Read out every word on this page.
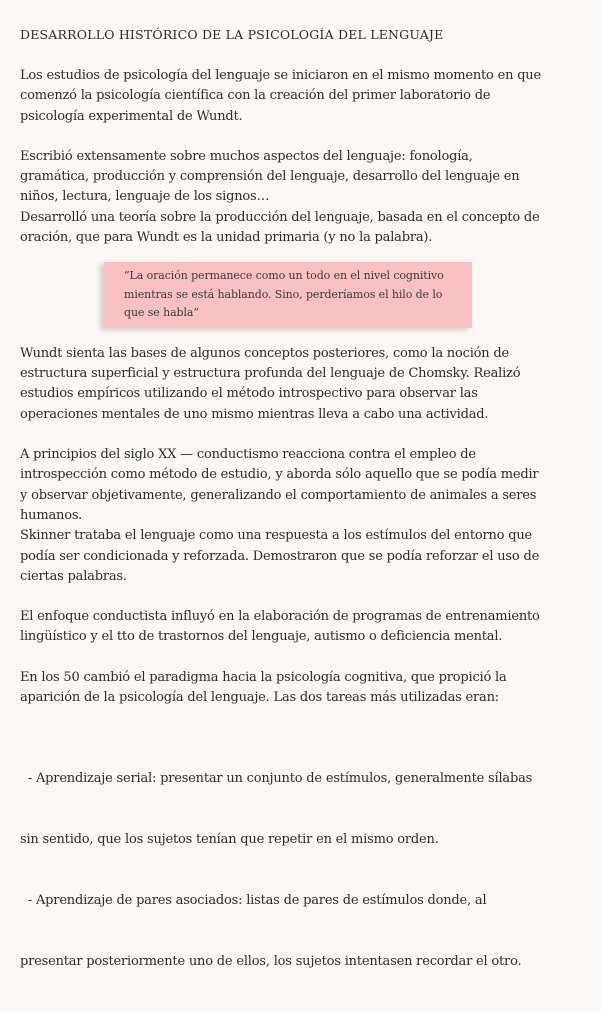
DESARROLLO HISTÓRICO DE LA PSICOLOGÍA DEL LENGUAJE

Los estudios de psicología del lenguaje se iniciaron en el mismo momento en que
comenzó la psicología científica con la creación del primer laboratorio de
psicología experimental de Wundt.

Escribió extensamente sobre muchos aspectos del lenguaje: fonología,
gramática, producción y comprensión del lenguaje, desarrollo del lenguaje en
niños, lectura, lenguaje de los signos…
Desarrolló una teoría sobre la producción del lenguaje, basada en el concepto de
oración, que para Wundt es la unidad primaria (y no la palabra).

“La oración permanece como un todo en el nivel cognitivo
mientras se está hablando. Sino, perderíamos el hilo de lo
que se habla”

Wundt sienta las bases de algunos conceptos posteriores, como la noción de
estructura superficial y estructura profunda del lenguaje de Chomsky. Realizó
estudios empíricos utilizando el método introspectivo para observar las
operaciones mentales de uno mismo mientras lleva a cabo una actividad.

A principios del siglo XX — conductismo reacciona contra el empleo de
introspección como método de estudio, y aborda sólo aquello que se podía medir
y observar objetivamente, generalizando el comportamiento de animales a seres
humanos.
Skinner trataba el lenguaje como una respuesta a los estímulos del entorno que
podía ser condicionada y reforzada. Demostraron que se podía reforzar el uso de
ciertas palabras.

El enfoque conductista influyó en la elaboración de programas de entrenamiento
lingüístico y el tto de trastornos del lenguaje, autismo o deficiencia mental.

En los 50 cambió el paradigma hacia la psicología cognitiva, que propició la
aparición de la psicología del lenguaje. Las dos tareas más utilizadas eran:

- Aprendizaje serial: presentar un conjunto de estímulos, generalmente sílabas

sin sentido, que los sujetos tenían que repetir en el mismo orden.

- Aprendizaje de pares asociados: listas de pares de estímulos donde, al

presentar posteriormente uno de ellos, los sujetos intentasen recordar el otro.
